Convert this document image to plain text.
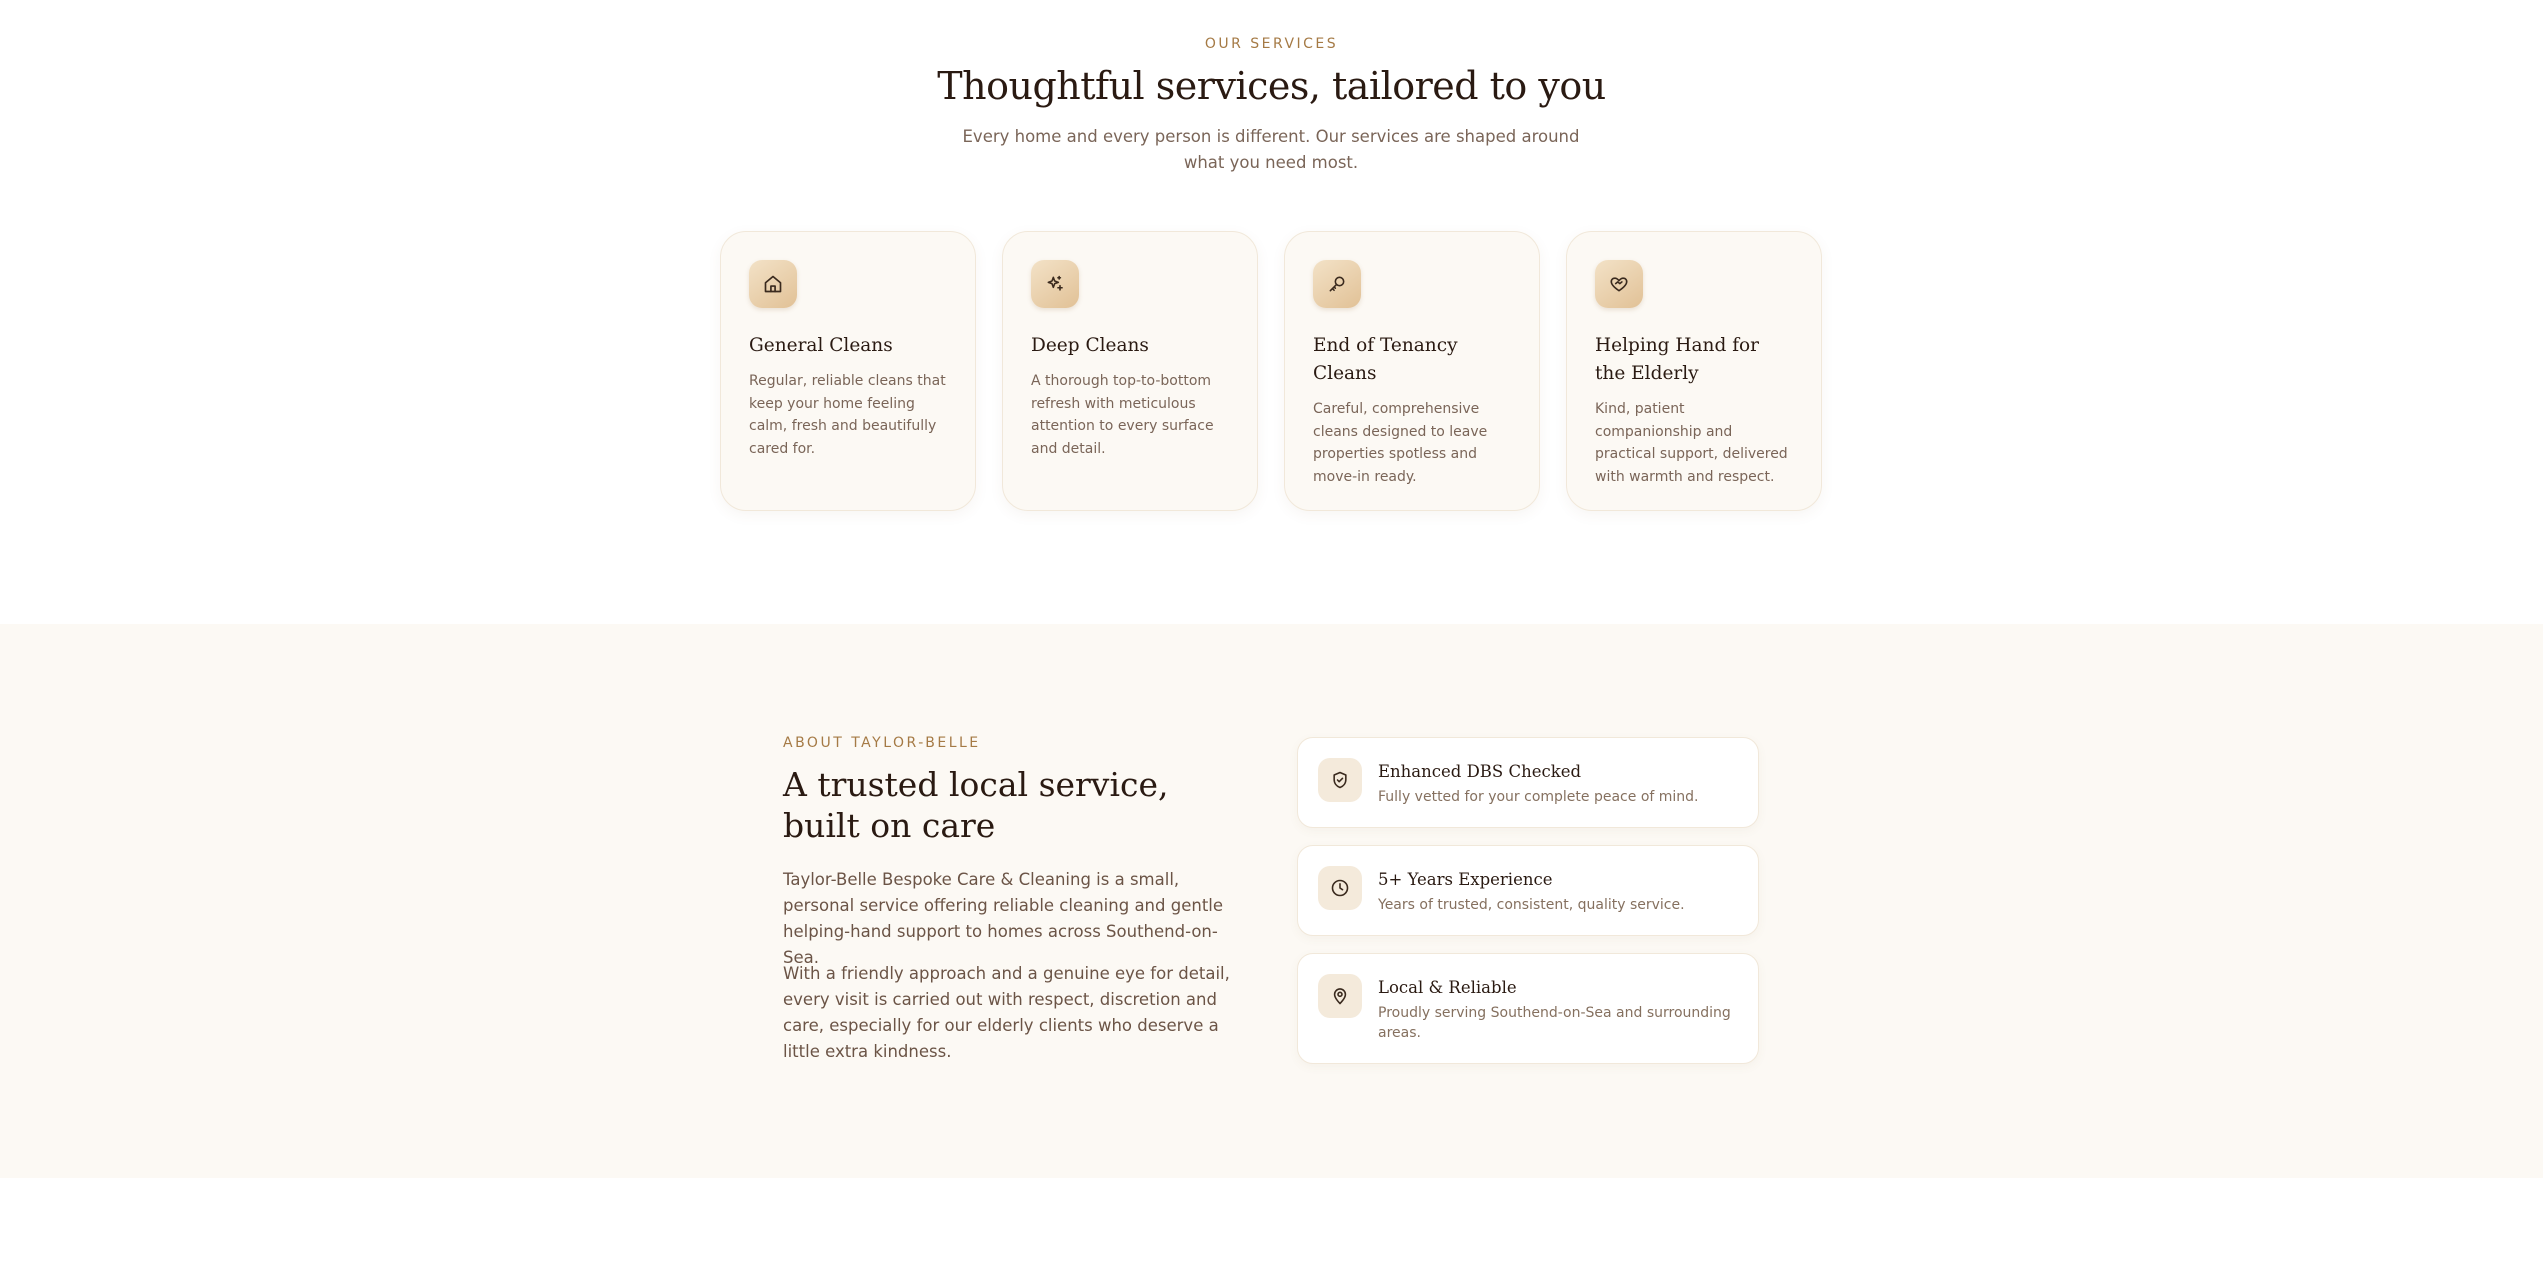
OUR SERVICES
Thoughtful services, tailored to you
Every home and every person is different. Our services are shaped around what you need most.
General Cleans
Regular, reliable cleans that keep your home feeling calm, fresh and beautifully cared for.
Deep Cleans
A thorough top-to-bottom refresh with meticulous attention to every surface and detail.
End of Tenancy Cleans
Careful, comprehensive cleans designed to leave properties spotless and move-in ready.
Helping Hand for the Elderly
Kind, patient companionship and practical support, delivered with warmth and respect.
ABOUT TAYLOR-BELLE
A trusted local service, built on care
Taylor-Belle Bespoke Care & Cleaning is a small, personal service offering reliable cleaning and gentle helping-hand support to homes across Southend-on-Sea.
With a friendly approach and a genuine eye for detail, every visit is carried out with respect, discretion and care, especially for our elderly clients who deserve a little extra kindness.
Enhanced DBS Checked
Fully vetted for your complete peace of mind.
5+ Years Experience
Years of trusted, consistent, quality service.
Local & Reliable
Proudly serving Southend-on-Sea and surrounding areas.
